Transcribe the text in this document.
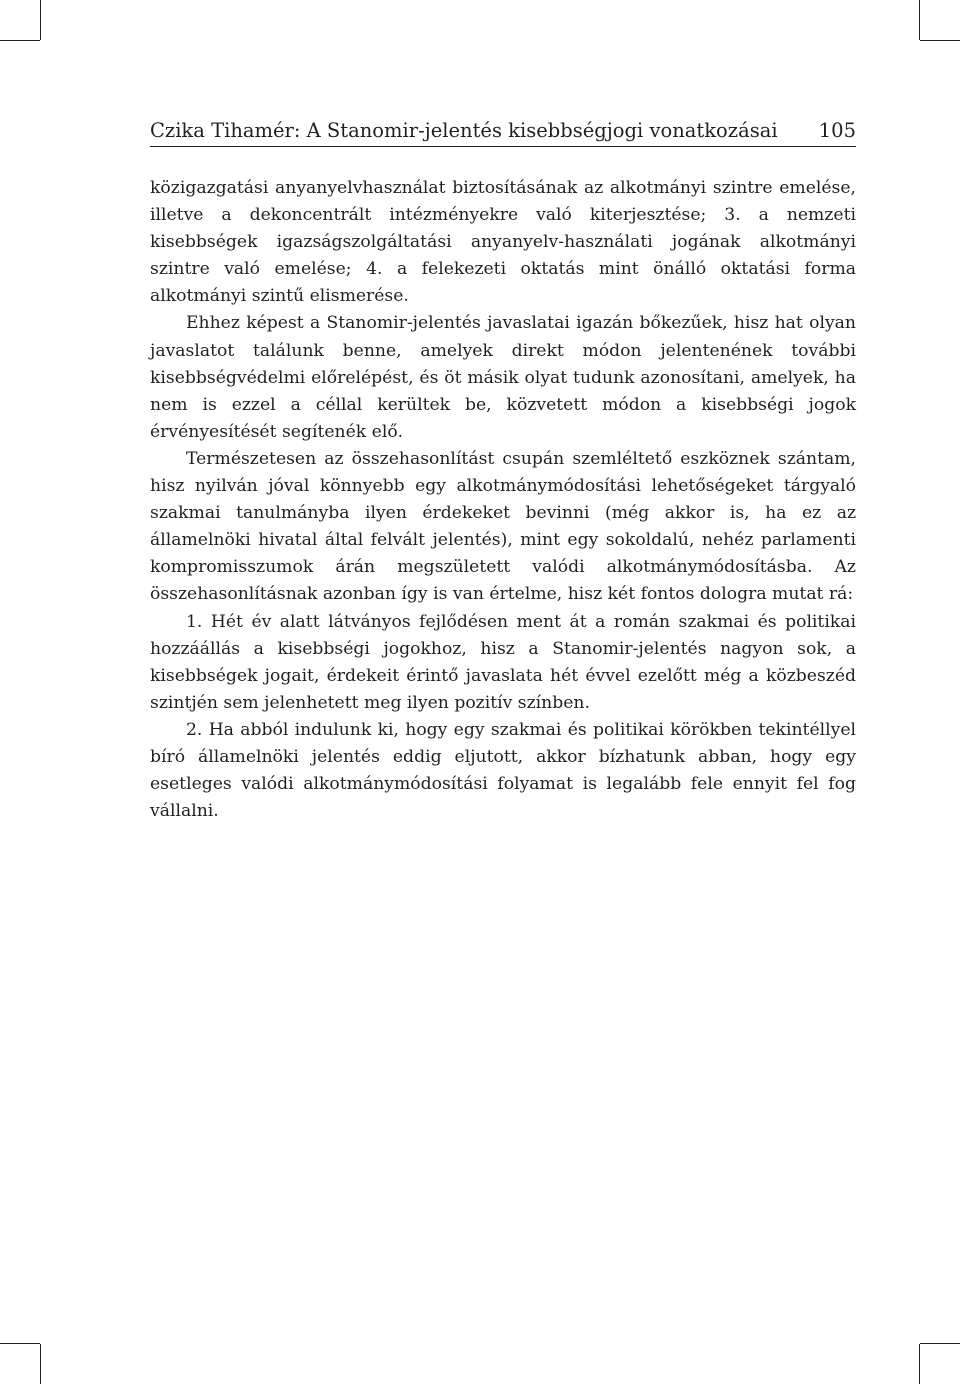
Czika Tihamér: A Stanomir-jelentés kisebbségjogi vonatkozásai 105

közigazgatási anyanyelvhasználat biztosításának az alkotmányi szintre emelése, illetve a dekoncentrált intézményekre való kiterjesztése; 3. a nemzeti kisebbségek igazságszolgáltatási anyanyelv-használati jogának alkotmányi szintre való emelése; 4. a felekezeti oktatás mint önálló oktatási forma alkotmányi szintű elismerése.

Ehhez képest a Stanomir-jelentés javaslatai igazán bőkezűek, hisz hat olyan javaslatot találunk benne, amelyek direkt módon jelentenének további kisebbségvédelmi előrelépést, és öt másik olyat tudunk azonosítani, amelyek, ha nem is ezzel a céllal kerültek be, közvetett módon a kisebbségi jogok érvényesítését segítenék elő.

Természetesen az összehasonlítást csupán szemléltető eszköznek szántam, hisz nyilván jóval könnyebb egy alkotmánymódosítási lehetőségeket tárgyaló szakmai tanulmányba ilyen érdekeket bevinni (még akkor is, ha ez az államelnöki hivatal által felvált jelentés), mint egy sokoldalú, nehéz parlamenti kompromisszumok árán megszületett valódi alkotmánymódosításba. Az összehasonlításnak azonban így is van értelme, hisz két fontos dologra mutat rá:

1. Hét év alatt látványos fejlődésen ment át a román szakmai és politikai hozzáállás a kisebbségi jogokhoz, hisz a Stanomir-jelentés nagyon sok, a kisebbségek jogait, érdekeit érintő javaslata hét évvel ezelőtt még a közbeszéd szintjén sem jelenhetett meg ilyen pozitív színben.

2. Ha abból indulunk ki, hogy egy szakmai és politikai körökben tekintéllyel bíró államelnöki jelentés eddig eljutott, akkor bízhatunk abban, hogy egy esetleges valódi alkotmánymódosítási folyamat is legalább fele ennyit fel fog vállalni.
